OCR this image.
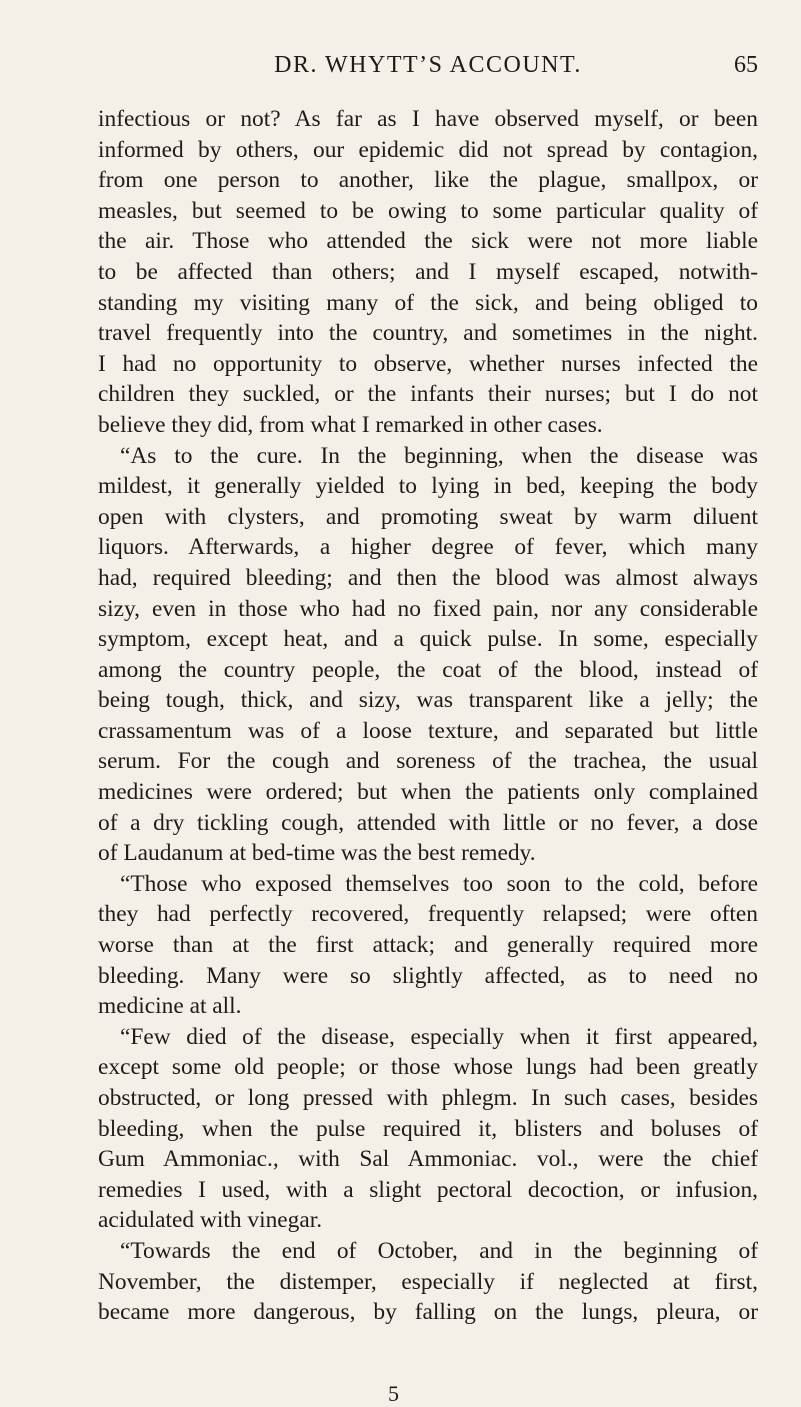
DR. WHYTT’S ACCOUNT.	65
infectious or not? As far as I have observed myself, or been
informed by others, our epidemic did not spread by contagion,
from one person to another, like the plague, smallpox, or
measles, but seemed to be owing to some particular quality of
the air. Those who attended the sick were not more liable
to be affected than others; and I myself escaped, notwith-
standing my visiting many of the sick, and being obliged to
travel frequently into the country, and sometimes in the night.
I had no opportunity to observe, whether nurses infected the
children they suckled, or the infants their nurses; but I do not
believe they did, from what I remarked in other cases.
“As to the cure. In the beginning, when the disease was
mildest, it generally yielded to lying in bed, keeping the body
open with clysters, and promoting sweat by warm diluent
liquors. Afterwards, a higher degree of fever, which many
had, required bleeding; and then the blood was almost always
sizy, even in those who had no fixed pain, nor any considerable
symptom, except heat, and a quick pulse. In some, especially
among the country people, the coat of the blood, instead of
being tough, thick, and sizy, was transparent like a jelly; the
crassamentum was of a loose texture, and separated but little
serum. For the cough and soreness of the trachea, the usual
medicines were ordered; but when the patients only complained
of a dry tickling cough, attended with little or no fever, a dose
of Laudanum at bed-time was the best remedy.
“Those who exposed themselves too soon to the cold, before
they had perfectly recovered, frequently relapsed; were often
worse than at the first attack; and generally required more
bleeding. Many were so slightly affected, as to need no
medicine at all.
“Few died of the disease, especially when it first appeared,
except some old people; or those whose lungs had been greatly
obstructed, or long pressed with phlegm. In such cases, besides
bleeding, when the pulse required it, blisters and boluses of
Gum Ammoniac., with Sal Ammoniac. vol., were the chief
remedies I used, with a slight pectoral decoction, or infusion,
acidulated with vinegar.
“Towards the end of October, and in the beginning of
November, the distemper, especially if neglected at first,
became more dangerous, by falling on the lungs, pleura, or
5
